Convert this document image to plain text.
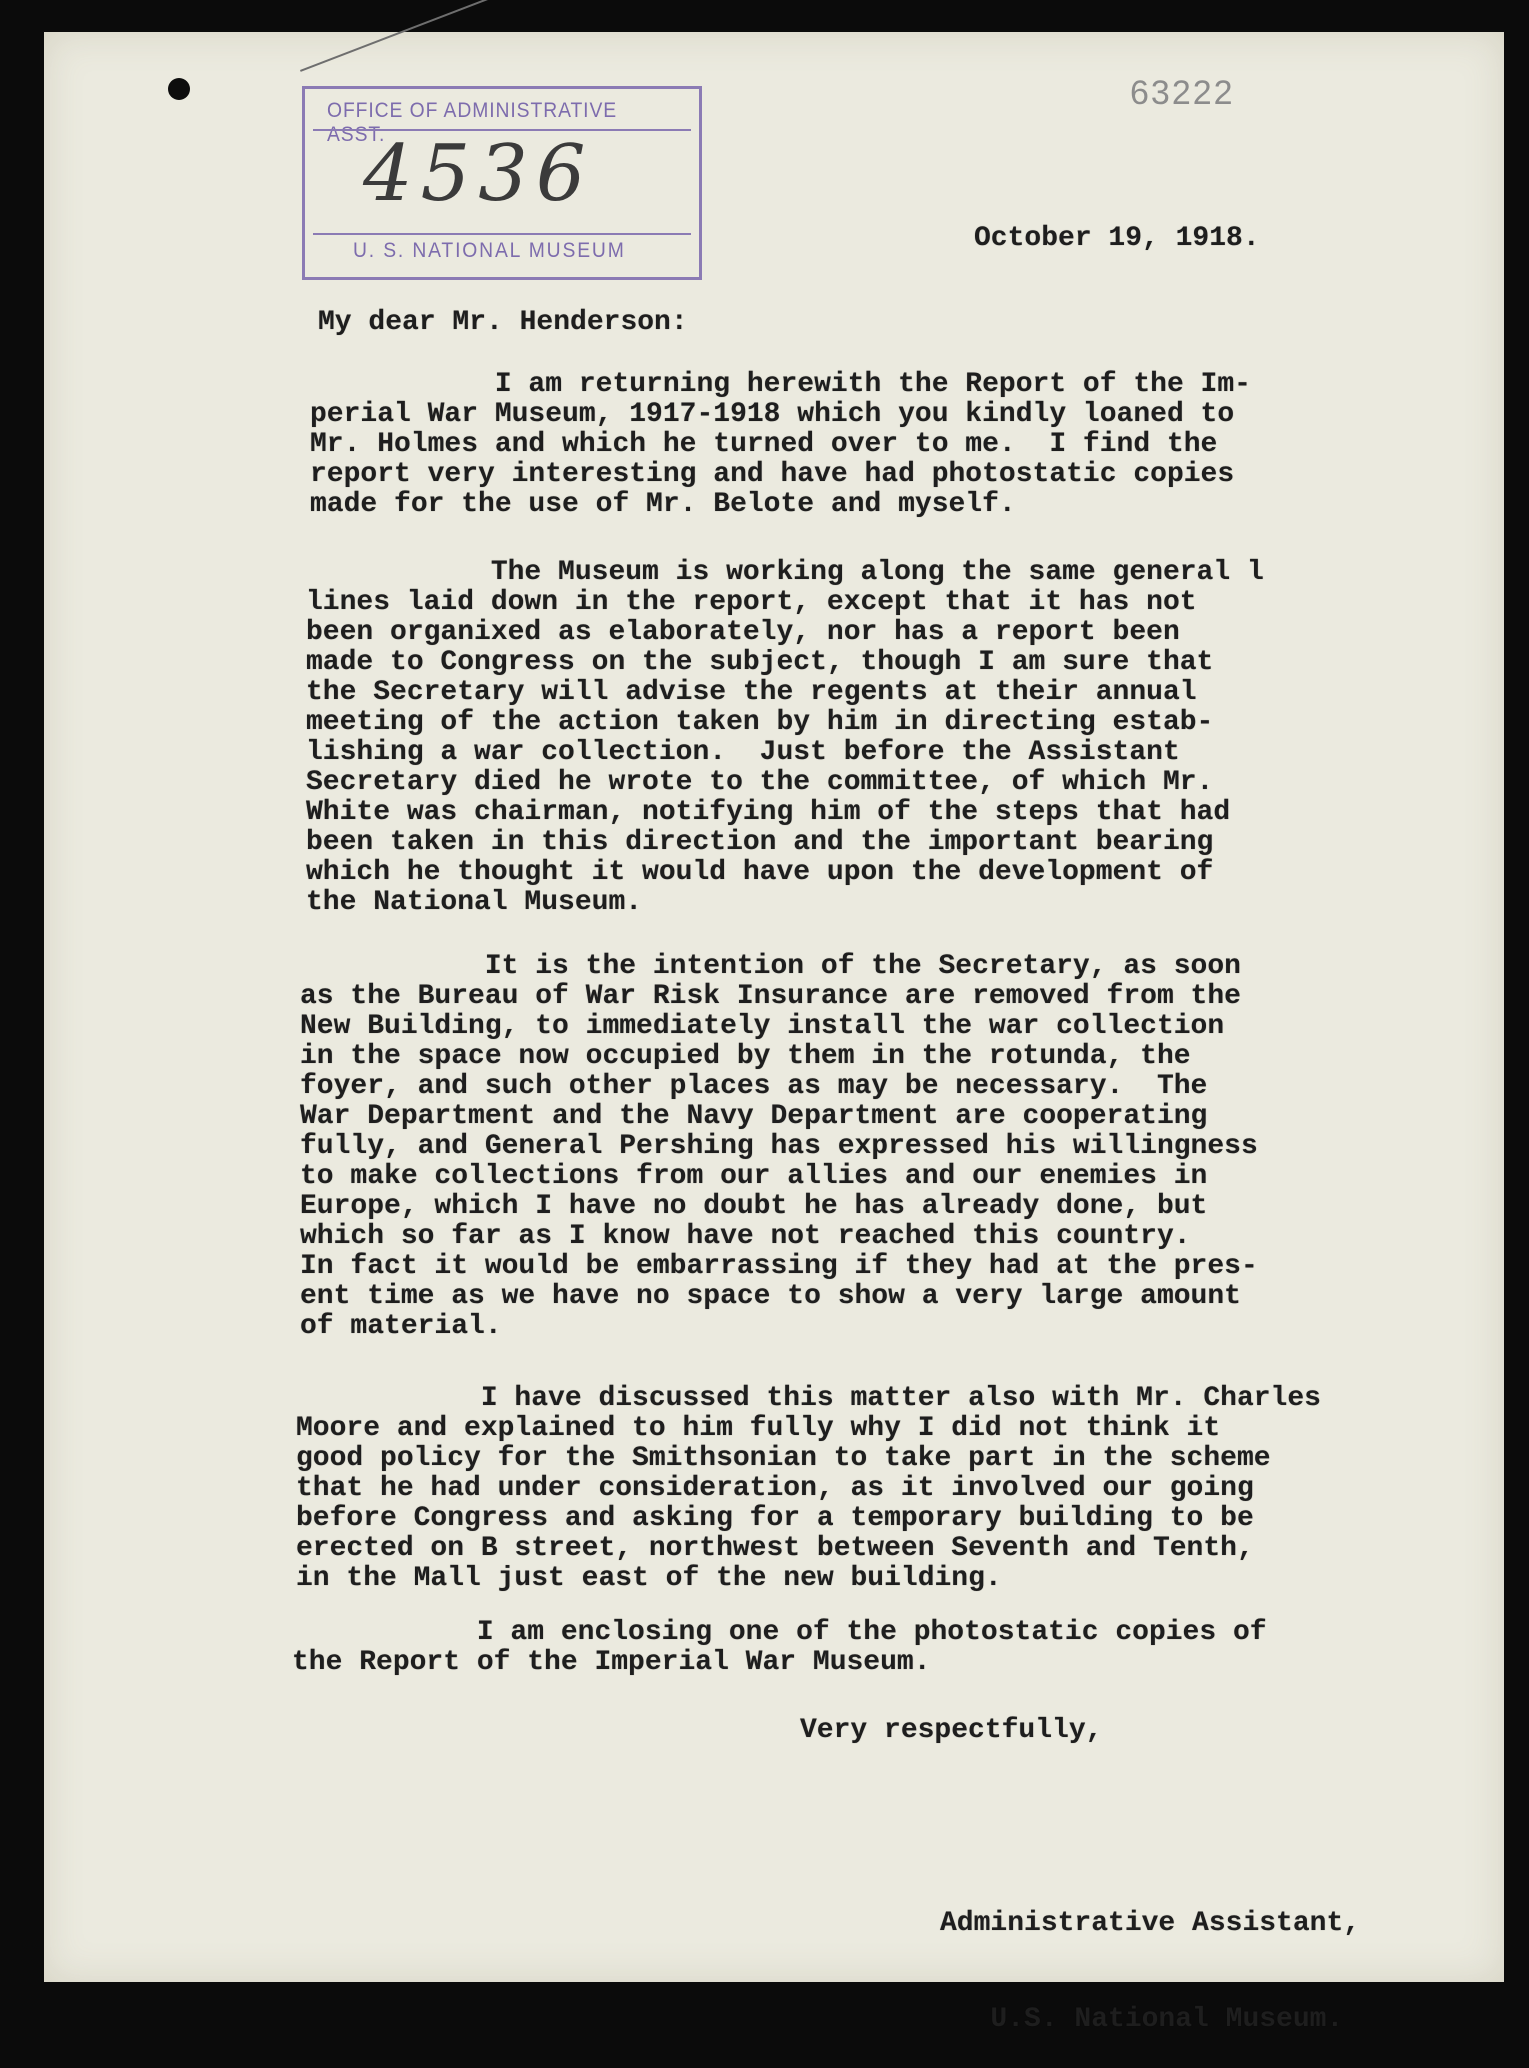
OFFICE OF ADMINISTRATIVE ASST.
4536
U. S. NATIONAL MUSEUM
63222
October 19, 1918.
My dear Mr. Henderson:
I am returning herewith the Report of the Im-
perial War Museum, 1917-1918 which you kindly loaned to
Mr. Holmes and which he turned over to me.  I find the
report very interesting and have had photostatic copies
made for the use of Mr. Belote and myself.
The Museum is working along the same general l
lines laid down in the report, except that it has not
been organixed as elaborately, nor has a report been
made to Congress on the subject, though I am sure that
the Secretary will advise the regents at their annual
meeting of the action taken by him in directing estab-
lishing a war collection.  Just before the Assistant
Secretary died he wrote to the committee, of which Mr.
White was chairman, notifying him of the steps that had
been taken in this direction and the important bearing
which he thought it would have upon the development of
the National Museum.
It is the intention of the Secretary, as soon
as the Bureau of War Risk Insurance are removed from the
New Building, to immediately install the war collection
in the space now occupied by them in the rotunda, the
foyer, and such other places as may be necessary.  The
War Department and the Navy Department are cooperating
fully, and General Pershing has expressed his willingness
to make collections from our allies and our enemies in
Europe, which I have no doubt he has already done, but
which so far as I know have not reached this country.
In fact it would be embarrassing if they had at the pres-
ent time as we have no space to show a very large amount
of material.
I have discussed this matter also with Mr. Charles
Moore and explained to him fully why I did not think it
good policy for the Smithsonian to take part in the scheme
that he had under consideration, as it involved our going
before Congress and asking for a temporary building to be
erected on B street, northwest between Seventh and Tenth,
in the Mall just east of the new building.
I am enclosing one of the photostatic copies of
the Report of the Imperial War Museum.
Very respectfully,

Administrative Assistant,

U.S. National Museum.
